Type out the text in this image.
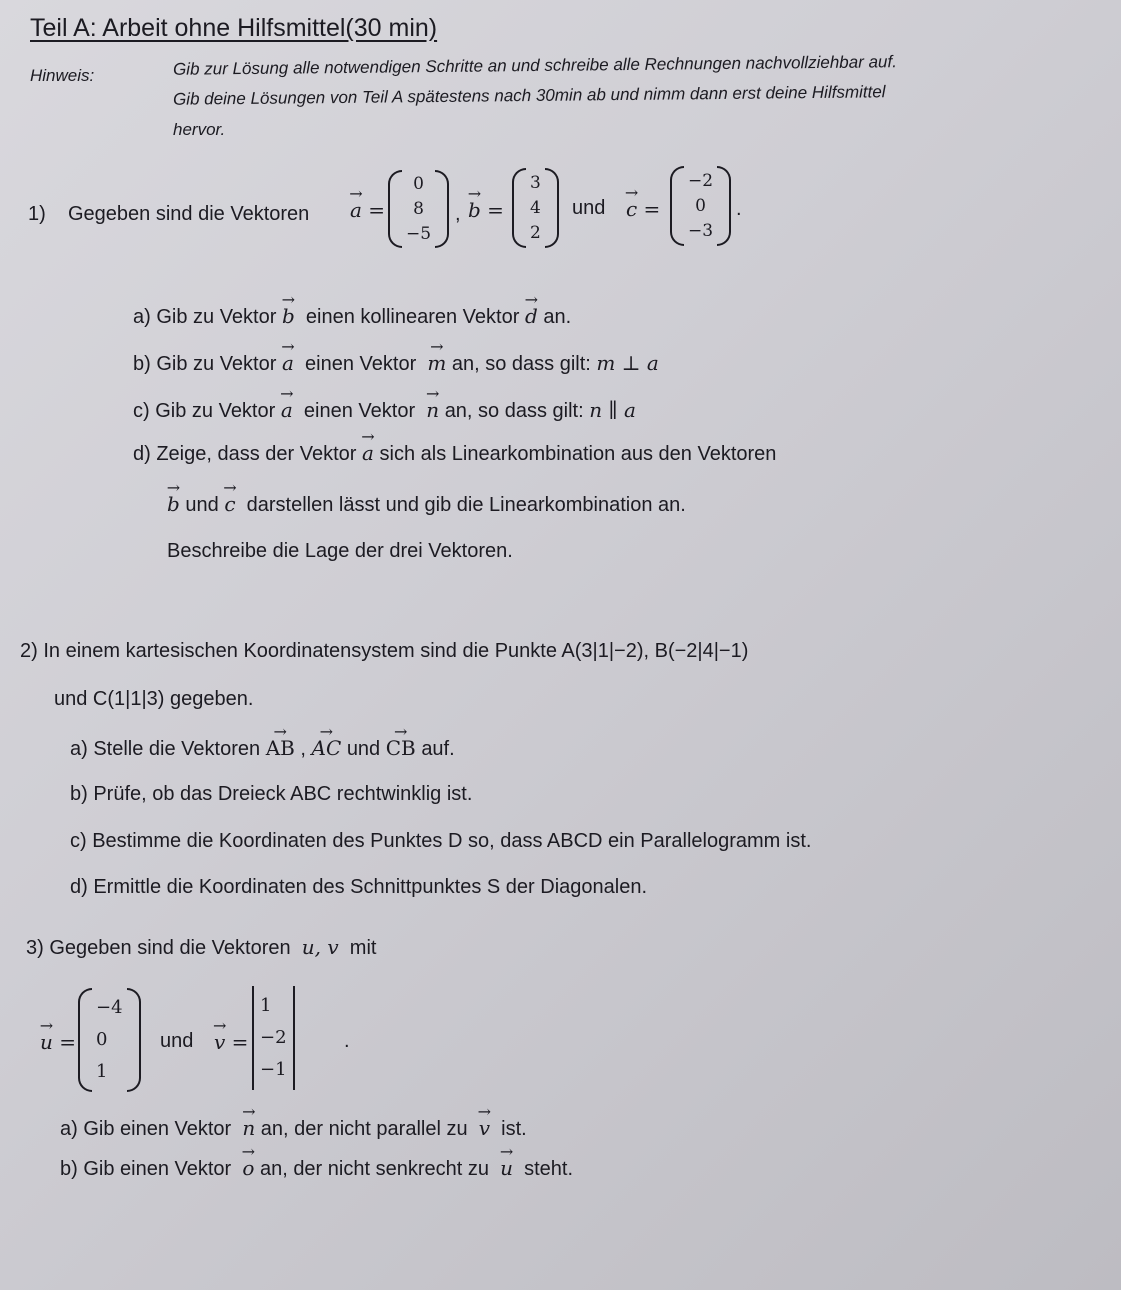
Teil A: Arbeit ohne Hilfsmittel(30 min)
Hinweis:	Gib zur Lösung alle notwendigen Schritte an und schreibe alle Rechnungen nachvollziehbar auf.
Gib deine Lösungen von Teil A spätestens nach 30min ab und nimm dann erst deine Hilfsmittel
hervor.
1) Gegeben sind die Vektoren → a =
0
8
−5
, → b =
3
4
2
und → c =
−2
0
−3
.
a) Gib zu Vektor → b einen kollinearen Vektor → d an.
b) Gib zu Vektor → a einen Vektor → m an, so dass gilt: m ⊥ a
c) Gib zu Vektor → a einen Vektor → n an, so dass gilt: n ∥ a
d) Zeige, dass der Vektor → a sich als Linearkombination aus den Vektoren
→ b und → c darstellen lässt und gib die Linearkombination an.
Beschreibe die Lage der drei Vektoren.
2) In einem kartesischen Koordinatensystem sind die Punkte A(3|1|−2), B(−2|4|−1)
und C(1|1|3) gegeben.
a) Stelle die Vektoren → AB , → AC und → CB auf.
b) Prüfe, ob das Dreieck ABC rechtwinklig ist.
c) Bestimme die Koordinaten des Punktes D so, dass ABCD ein Parallelogramm ist.
d) Ermittle die Koordinaten des Schnittpunktes S der Diagonalen.
3) Gegeben sind die Vektoren u, v mit
→ u =
−4
0
1
und → v =
1
−2
−1
.
a) Gib einen Vektor → n an, der nicht parallel zu → v ist.
b) Gib einen Vektor → o an, der nicht senkrecht zu → u steht.
